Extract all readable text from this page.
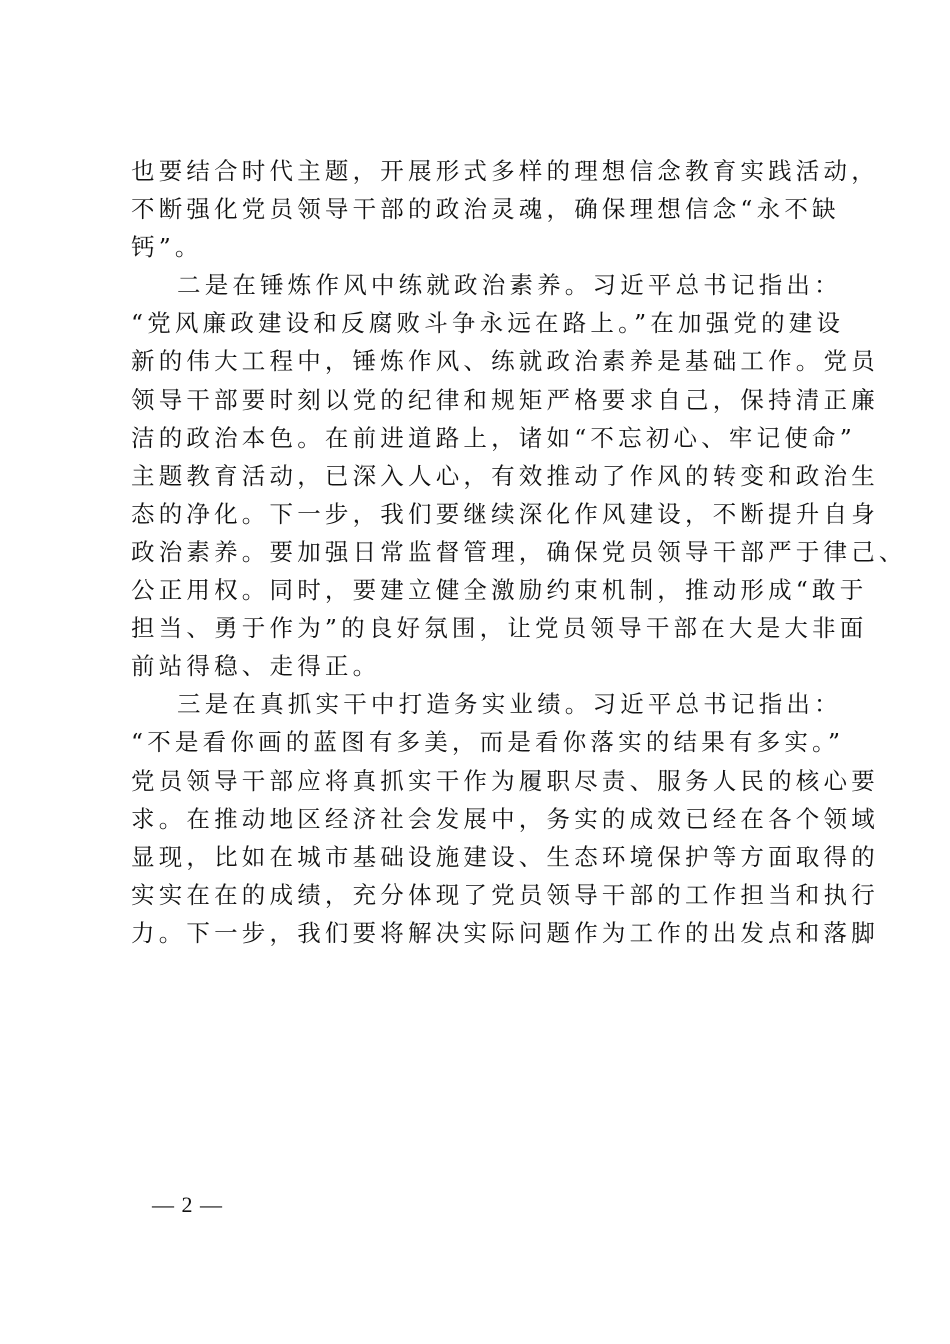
也要结合时代主题，开展形式多样的理想信念教育实践活动，
不断强化党员领导干部的政治灵魂，确保理想信念“永不缺
钙”。
二是在锤炼作风中练就政治素养。习近平总书记指出：
“党风廉政建设和反腐败斗争永远在路上。”在加强党的建设
新的伟大工程中，锤炼作风、练就政治素养是基础工作。党员
领导干部要时刻以党的纪律和规矩严格要求自己，保持清正廉
洁的政治本色。在前进道路上，诸如“不忘初心、牢记使命”
主题教育活动，已深入人心，有效推动了作风的转变和政治生
态的净化。下一步，我们要继续深化作风建设，不断提升自身
政治素养。要加强日常监督管理，确保党员领导干部严于律己、
公正用权。同时，要建立健全激励约束机制，推动形成“敢于
担当、勇于作为”的良好氛围，让党员领导干部在大是大非面
前站得稳、走得正。
三是在真抓实干中打造务实业绩。习近平总书记指出：
“不是看你画的蓝图有多美，而是看你落实的结果有多实。”
党员领导干部应将真抓实干作为履职尽责、服务人民的核心要
求。在推动地区经济社会发展中，务实的成效已经在各个领域
显现，比如在城市基础设施建设、生态环境保护等方面取得的
实实在在的成绩，充分体现了党员领导干部的工作担当和执行
力。下一步，我们要将解决实际问题作为工作的出发点和落脚
— 2 —
